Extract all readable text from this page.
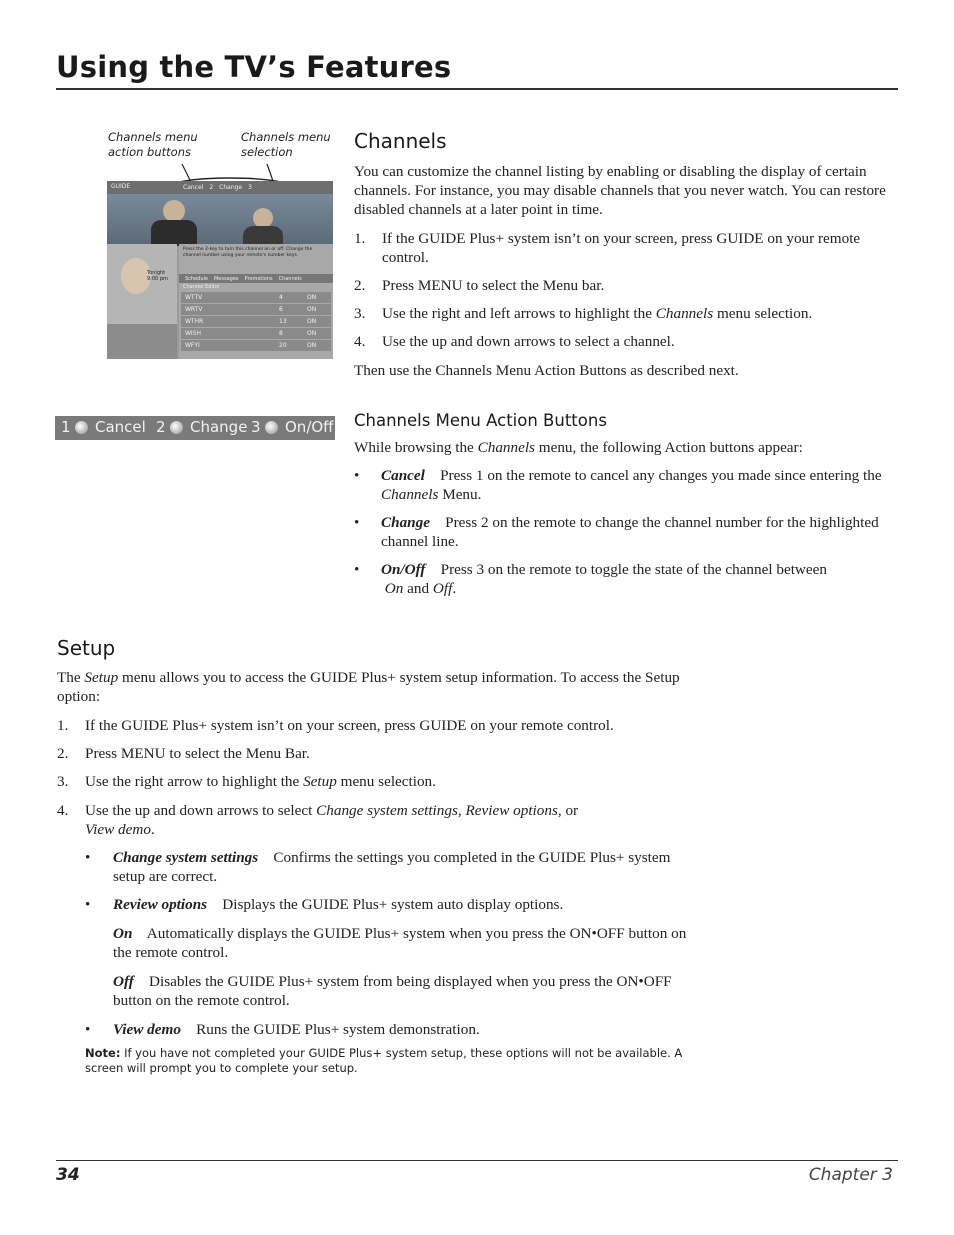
Using the TV’s Features
Channels menu action buttons
Channels menu selection
GUIDE	Cancel 2 Change 3
Tonight 9:00 pm
Press the 2-key to turn this channel on or off. Change the channel number using your remote's number keys.
Schedule Messages Promotions Channels
Channel Editor
WTTV	4	ON
WRTV	6	ON
WTHR	13	ON
WISH	8	ON
WFYI	20	ON
1 Cancel 2 Change 3 On/Off
Channels
You can customize the channel listing by enabling or disabling the display of certain channels. For instance, you may disable channels that you never watch. You can restore disabled channels at a later point in time.
1. If the GUIDE Plus+ system isn’t on your screen, press GUIDE on your remote control.
2. Press MENU to select the Menu bar.
3. Use the right and left arrows to highlight the Channels menu selection.
4. Use the up and down arrows to select a channel.
Then use the Channels Menu Action Buttons as described next.
Channels Menu Action Buttons
While browsing the Channels menu, the following Action buttons appear:
• Cancel Press 1 on the remote to cancel any changes you made since entering the Channels Menu.
• Change Press 2 on the remote to change the channel number for the highlighted channel line.
• On/Off Press 3 on the remote to toggle the state of the channel between
On and Off.
Setup
The Setup menu allows you to access the GUIDE Plus+ system setup information. To access the Setup option:
1. If the GUIDE Plus+ system isn’t on your screen, press GUIDE on your remote control.
2. Press MENU to select the Menu Bar.
3. Use the right arrow to highlight the Setup menu selection.
4. Use the up and down arrows to select Change system settings, Review options, or
View demo.
• Change system settings Confirms the settings you completed in the GUIDE Plus+ system setup are correct.
• Review options Displays the GUIDE Plus+ system auto display options.
On Automatically displays the GUIDE Plus+ system when you press the ON•OFF button on the remote control.
Off Disables the GUIDE Plus+ system from being displayed when you press the ON•OFF button on the remote control.
• View demo Runs the GUIDE Plus+ system demonstration.
Note: If you have not completed your GUIDE Plus+ system setup, these options will not be available. A screen will prompt you to complete your setup.
34	Chapter 3
